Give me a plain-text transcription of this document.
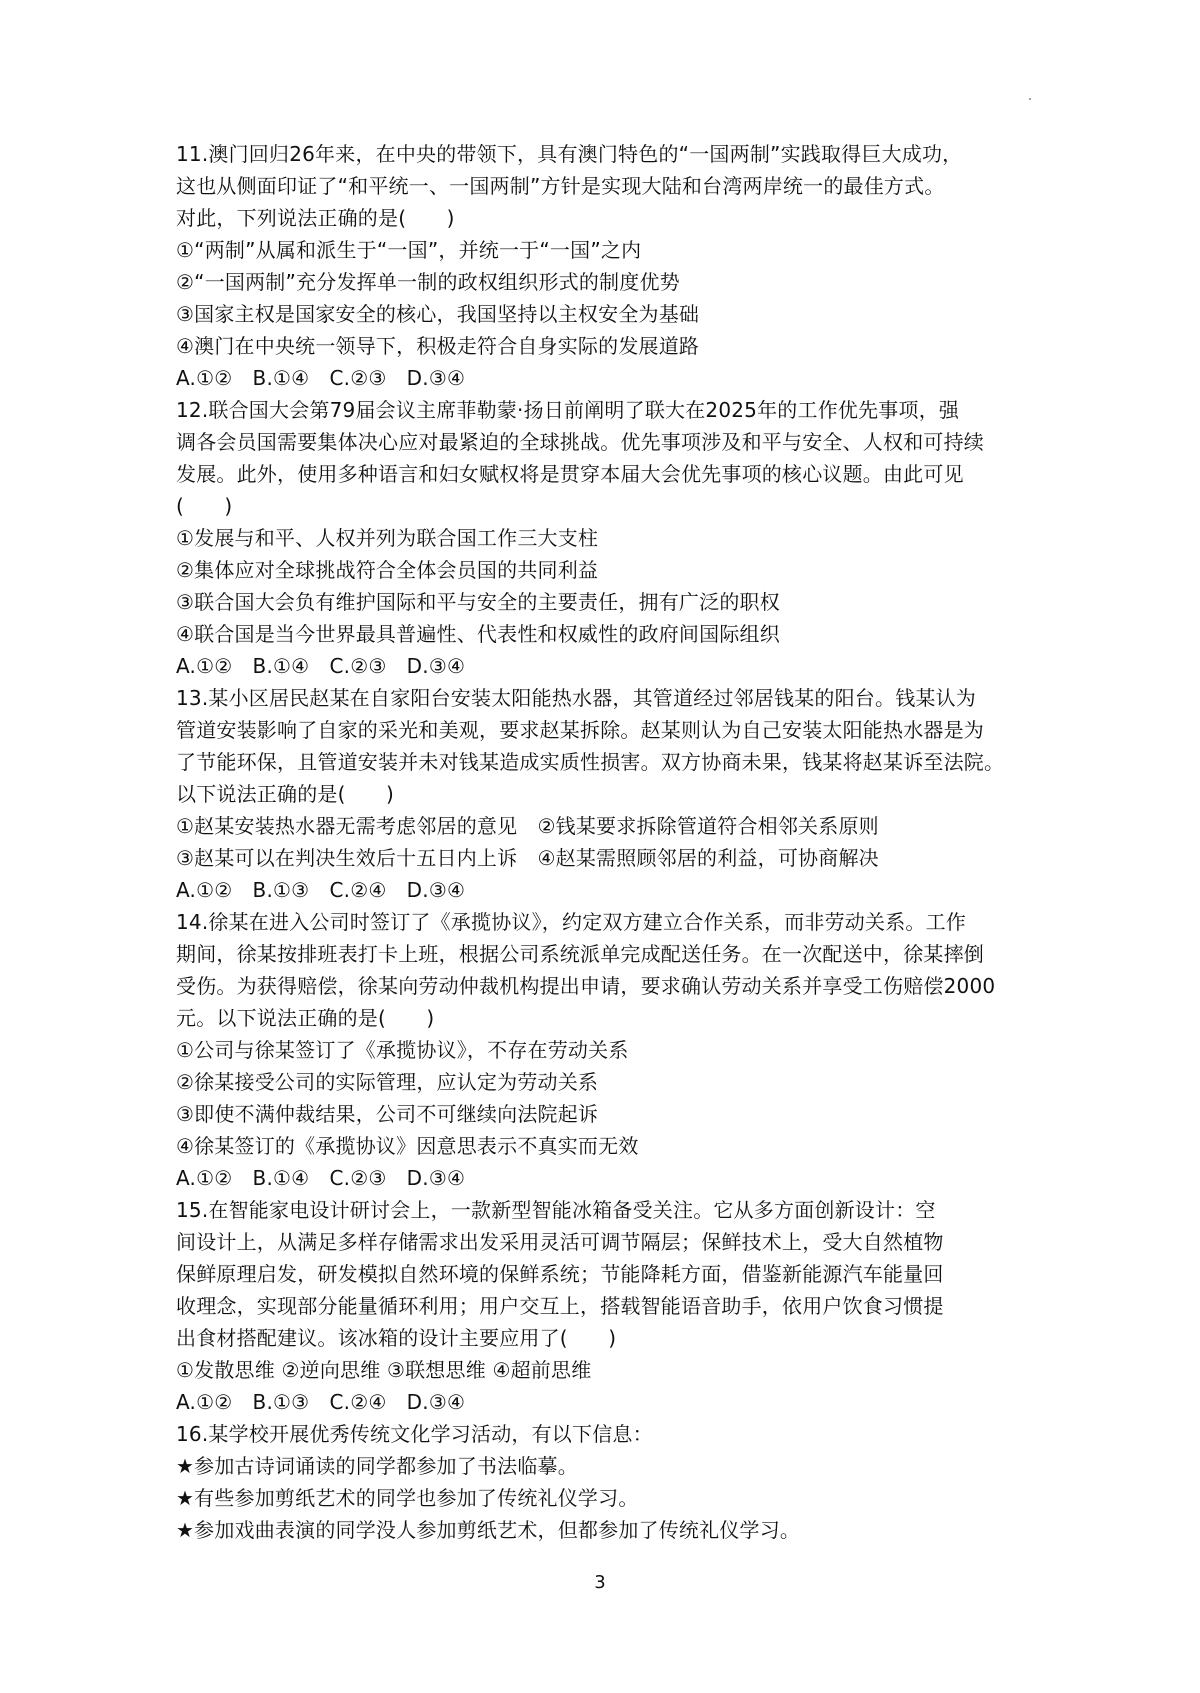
11.澳门回归26年来，在中央的带领下，具有澳门特色的“一国两制”实践取得巨大成功，
这也从侧面印证了“和平统一、一国两制”方针是实现大陆和台湾两岸统一的最佳方式。
对此，下列说法正确的是(　　)
①“两制”从属和派生于“一国”，并统一于“一国”之内
②“一国两制”充分发挥单一制的政权组织形式的制度优势
③国家主权是国家安全的核心，我国坚持以主权安全为基础
④澳门在中央统一领导下，积极走符合自身实际的发展道路
A.①②　B.①④　C.②③　D.③④
12.联合国大会第79届会议主席菲勒蒙·扬日前阐明了联大在2025年的工作优先事项，强
调各会员国需要集体决心应对最紧迫的全球挑战。优先事项涉及和平与安全、人权和可持续
发展。此外，使用多种语言和妇女赋权将是贯穿本届大会优先事项的核心议题。由此可见
(　　)
①发展与和平、人权并列为联合国工作三大支柱
②集体应对全球挑战符合全体会员国的共同利益
③联合国大会负有维护国际和平与安全的主要责任，拥有广泛的职权
④联合国是当今世界最具普遍性、代表性和权威性的政府间国际组织
A.①②　B.①④　C.②③　D.③④
13.某小区居民赵某在自家阳台安装太阳能热水器，其管道经过邻居钱某的阳台。钱某认为
管道安装影响了自家的采光和美观，要求赵某拆除。赵某则认为自己安装太阳能热水器是为
了节能环保，且管道安装并未对钱某造成实质性损害。双方协商未果，钱某将赵某诉至法院。
以下说法正确的是(　　)
①赵某安装热水器无需考虑邻居的意见　②钱某要求拆除管道符合相邻关系原则
③赵某可以在判决生效后十五日内上诉　④赵某需照顾邻居的利益，可协商解决
A.①②　B.①③　C.②④　D.③④
14.徐某在进入公司时签订了《承揽协议》，约定双方建立合作关系，而非劳动关系。工作
期间，徐某按排班表打卡上班，根据公司系统派单完成配送任务。在一次配送中，徐某摔倒
受伤。为获得赔偿，徐某向劳动仲裁机构提出申请，要求确认劳动关系并享受工伤赔偿2000
元。以下说法正确的是(　　)
①公司与徐某签订了《承揽协议》，不存在劳动关系
②徐某接受公司的实际管理，应认定为劳动关系
③即使不满仲裁结果，公司不可继续向法院起诉
④徐某签订的《承揽协议》因意思表示不真实而无效
A.①②　B.①④　C.②③　D.③④
15.在智能家电设计研讨会上，一款新型智能冰箱备受关注。它从多方面创新设计：空
间设计上，从满足多样存储需求出发采用灵活可调节隔层；保鲜技术上，受大自然植物
保鲜原理启发，研发模拟自然环境的保鲜系统；节能降耗方面，借鉴新能源汽车能量回
收理念，实现部分能量循环利用；用户交互上，搭载智能语音助手，依用户饮食习惯提
出食材搭配建议。该冰箱的设计主要应用了(　　)
①发散思维 ②逆向思维 ③联想思维 ④超前思维
A.①②　B.①③　C.②④　D.③④
16.某学校开展优秀传统文化学习活动，有以下信息：
★参加古诗词诵读的同学都参加了书法临摹。
★有些参加剪纸艺术的同学也参加了传统礼仪学习。
★参加戏曲表演的同学没人参加剪纸艺术，但都参加了传统礼仪学习。
3
